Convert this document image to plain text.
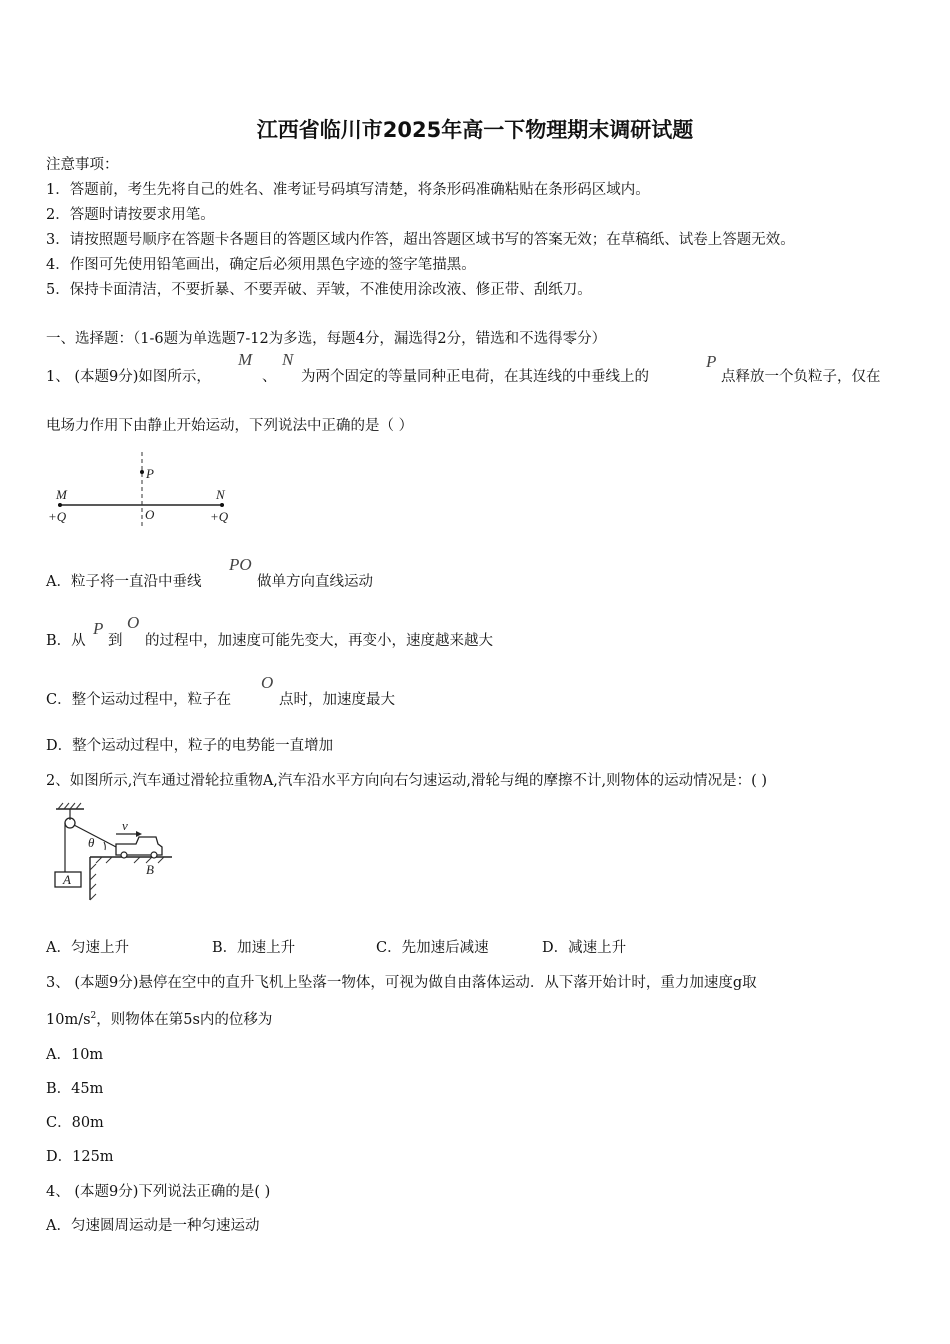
江西省临川市2025年高一下物理期末调研试题
注意事项：
1．答题前，考生先将自己的姓名、准考证号码填写清楚，将条形码准确粘贴在条形码区域内。
2．答题时请按要求用笔。
3．请按照题号顺序在答题卡各题目的答题区域内作答，超出答题区域书写的答案无效；在草稿纸、试卷上答题无效。
4．作图可先使用铅笔画出，确定后必须用黑色字迹的签字笔描黑。
5．保持卡面清洁，不要折暴、不要弄破、弄皱，不准使用涂改液、修正带、刮纸刀。
一、选择题：（1-6题为单选题7-12为多选，每题4分，漏选得2分，错选和不选得零分）
1、 (本题9分)如图所示，
M
、
N
为两个固定的等量同种正电荷，在其连线的中垂线上的
P
点释放一个负粒子，仅在
电场力作用下由静止开始运动，下列说法中正确的是（ ）
M	N
P
O
+Q	+Q
A．粒子将一直沿中垂线
PO
做单方向直线运动
B．从
P
到
O
的过程中，加速度可能先变大，再变小，速度越来越大
C．整个运动过程中，粒子在
O
点时，加速度最大
D．整个运动过程中，粒子的电势能一直增加
2、如图所示,汽车通过滑轮拉重物A,汽车沿水平方向向右匀速运动,滑轮与绳的摩擦不计,则物体的运动情况是：( )
A
θ
v
B
A．匀速上升	B．加速上升	C．先加速后减速	D．减速上升
3、 (本题9分)悬停在空中的直升飞机上坠落一物体，可视为做自由落体运动．从下落开始计时，重力加速度g取
$10m/s^2$，则物体在第5s内的位移为
A．10m
B．45m
C．80m
D．125m
4、 (本题9分)下列说法正确的是( )
A．匀速圆周运动是一种匀速运动
